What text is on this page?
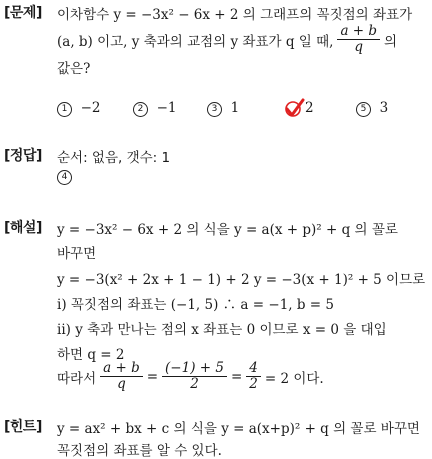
[문제] 이차함수 y = −3x² − 6x + 2 의 그래프의 꼭짓점의 좌표가
(a, b) 이고, y 축과의 교점의 y 좌표가 q 일 때, $\frac{a + b}{q}$ 의
값은?
1 −2	2 −1	3 1	2	5 3
[정답] 순서: 없음, 갯수: 1
4
[해설] y = −3x² − 6x + 2 의 식을 y = a(x + p)² + q 의 꼴로
바꾸면
y = −3(x² + 2x + 1 − 1) + 2 y = −3(x + 1)² + 5 이므로
i) 꼭짓점의 좌표는 (−1, 5) ∴ a = −1, b = 5
ii) y 축과 만나는 점의 x 좌표는 0 이므로 x = 0 을 대입
하면 q = 2
따라서 $\frac{a + b}{q} = \frac{(-1) + 5}{2} = \frac{4}{2} = 2$ 이다.
[힌트] y = ax² + bx + c 의 식을 y = a(x+p)² + q 의 꼴로 바꾸면
꼭짓점의 좌표를 알 수 있다.
